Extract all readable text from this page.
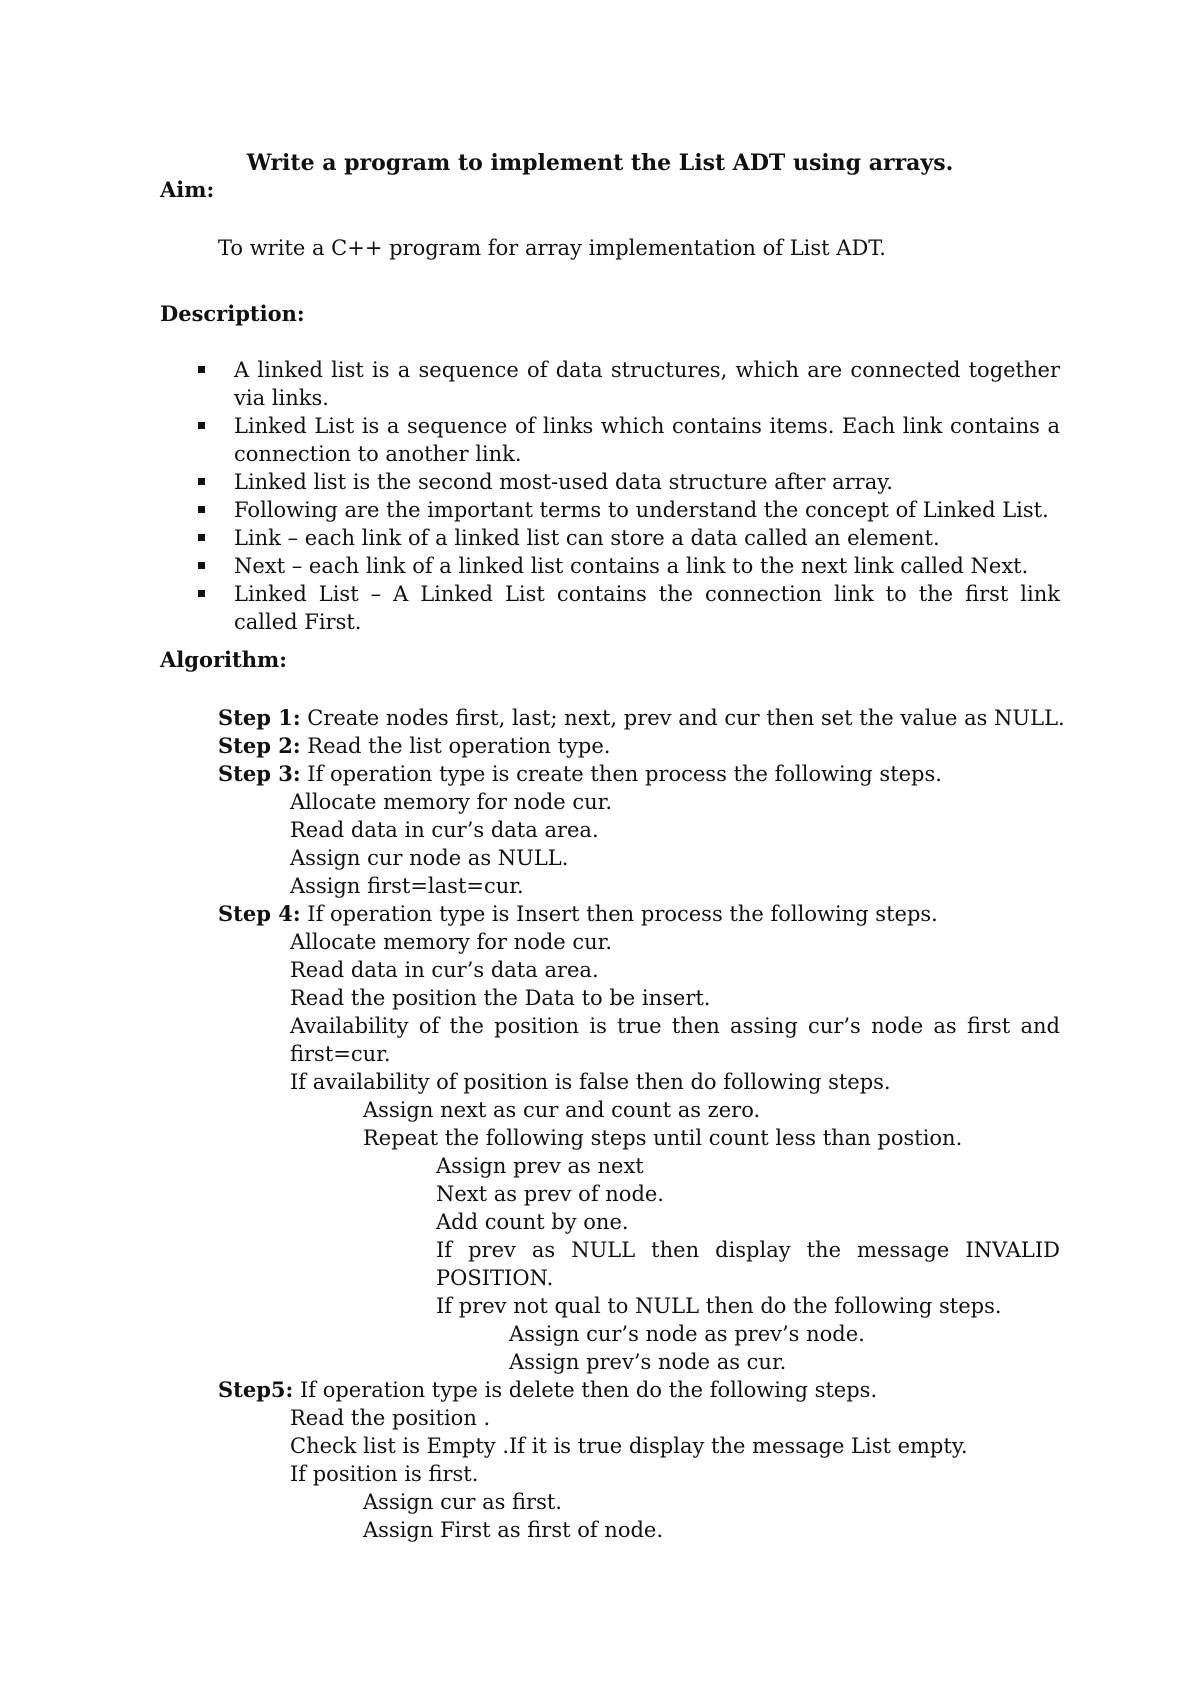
Write a program to implement the List ADT using arrays.
Aim:
To write a C++ program for array implementation of List ADT.
Description:
A linked list is a sequence of data structures, which are connected together via links.
Linked List is a sequence of links which contains items. Each link contains a connection to another link.
Linked list is the second most-used data structure after array.
Following are the important terms to understand the concept of Linked List.
Link – each link of a linked list can store a data called an element.
Next – each link of a linked list contains a link to the next link called Next.
Linked List – A Linked List contains the connection link to the first link called First.
Algorithm:
Step 1: Create nodes first, last; next, prev and cur then set the value as NULL.
Step 2: Read the list operation type.
Step 3: If operation type is create then process the following steps.
Allocate memory for node cur.
Read data in cur’s data area.
Assign cur node as NULL.
Assign first=last=cur.
Step 4: If operation type is Insert then process the following steps.
Allocate memory for node cur.
Read data in cur’s data area.
Read the position the Data to be insert.
Availability of the position is true then assing cur’s node as first and
first=cur.
If availability of position is false then do following steps.
Assign next as cur and count as zero.
Repeat the following steps until count less than postion.
Assign prev as next
Next as prev of node.
Add count by one.
If prev as NULL then display the message INVALID
POSITION.
If prev not qual to NULL then do the following steps.
Assign cur’s node as prev’s node.
Assign prev’s node as cur.
Step5: If operation type is delete then do the following steps.
Read the position .
Check list is Empty .If it is true display the message List empty.
If position is first.
Assign cur as first.
Assign First as first of node.
